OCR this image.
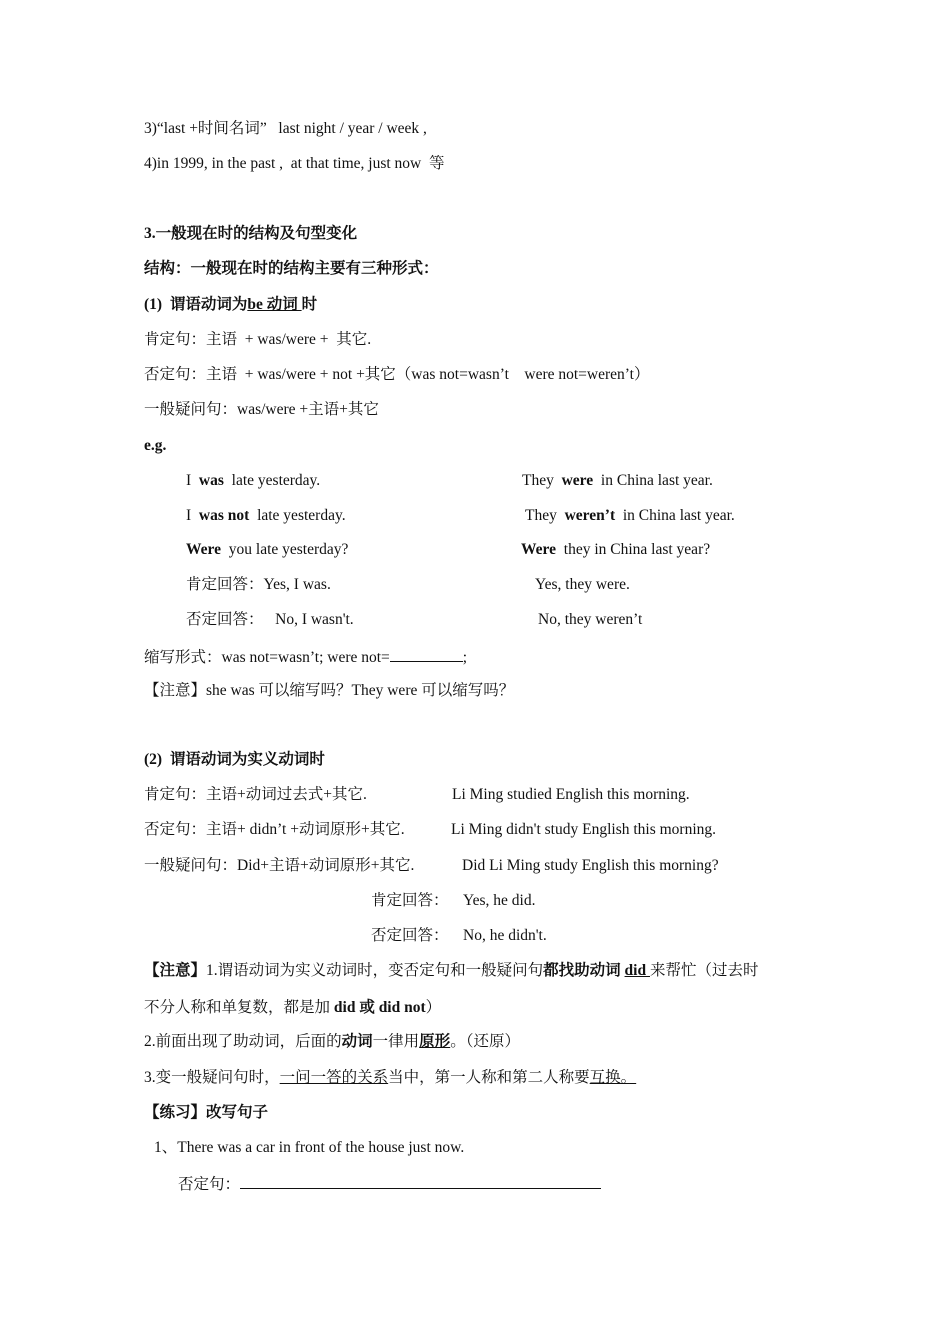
3)“last +时间名词”   last night / year / week ,
4)in 1999, in the past ,  at that time, just now  等
3.一般现在时的结构及句型变化
结构：一般现在时的结构主要有三种形式：
(1)  谓语动词为be 动词 时
肯定句：主语  + was/were +  其它.
否定句：主语  + was/were + not +其它（was not=wasn’t    were not=weren’t）
一般疑问句：was/were +主语+其它
e.g.
I  was  late yesterday.	They  were  in China last year.
I  was not  late yesterday.	They  weren’t  in China last year.
Were  you late yesterday?	Were  they in China last year?
肯定回答：Yes, I was.	Yes, they were.
否定回答：   No, I wasn't.	No, they weren’t
缩写形式：was not=wasn’t; were not=	;
【注意】she was 可以缩写吗？They were 可以缩写吗？
(2)  谓语动词为实义动词时
肯定句：主语+动词过去式+其它.	Li Ming studied English this morning.
否定句：主语+ didn’t +动词原形+其它.	Li Ming didn't study English this morning.
一般疑问句：Did+主语+动词原形+其它.	Did Li Ming study English this morning?
肯定回答： Yes, he did.
否定回答： No, he didn't.
【注意】1.谓语动词为实义动词时，变否定句和一般疑问句都找助动词 did 来帮忙（过去时
不分人称和单复数，都是加 did 或 did not）
2.前面出现了助动词，后面的动词一律用原形。（还原）
3.变一般疑问句时，一问一答的关系当中，第一人称和第二人称要互换。
【练习】改写句子
1、There was a car in front of the house just now.
否定句：
